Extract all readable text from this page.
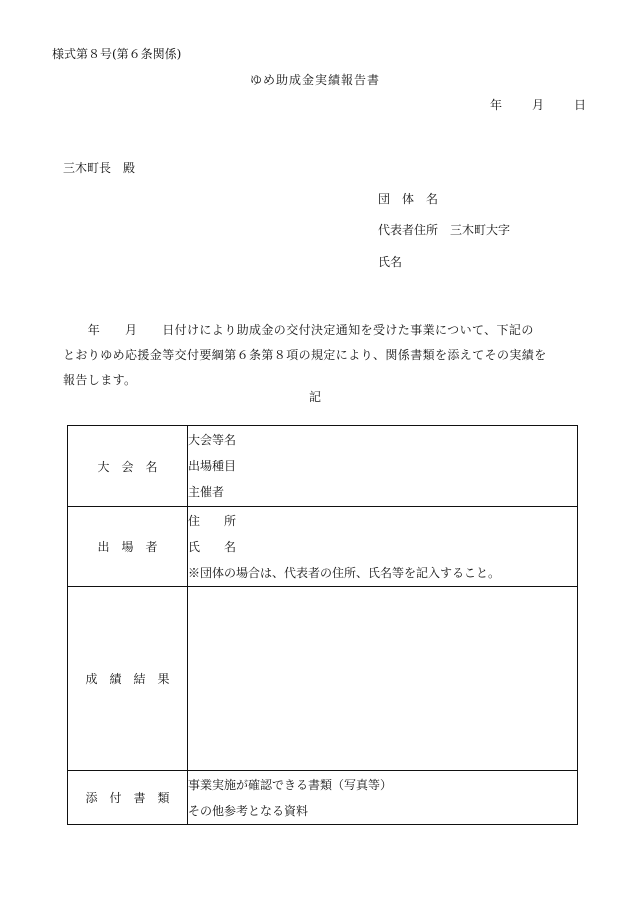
様式第８号(第６条関係)
ゆめ助成金実績報告書
年	月	日
三木町長　殿
団　体　名
代表者住所　 三木町大字
氏名

　　年　　月　　日付けにより助成金の交付決定通知を受けた事業について、下記の

とおりゆめ応援金等交付要綱第６条第８項の規定により、関係書類を添えてその実績を

報告します。

記
大　会　名	大会等名
出場種目
主催者

出　場　者	住　　所
氏　　名
※団体の場合は、代表者の住所、氏名等を記入すること。

成　績　結　果	
添　付　書　類	事業実施が確認できる書類（写真等）
その他参考となる資料
